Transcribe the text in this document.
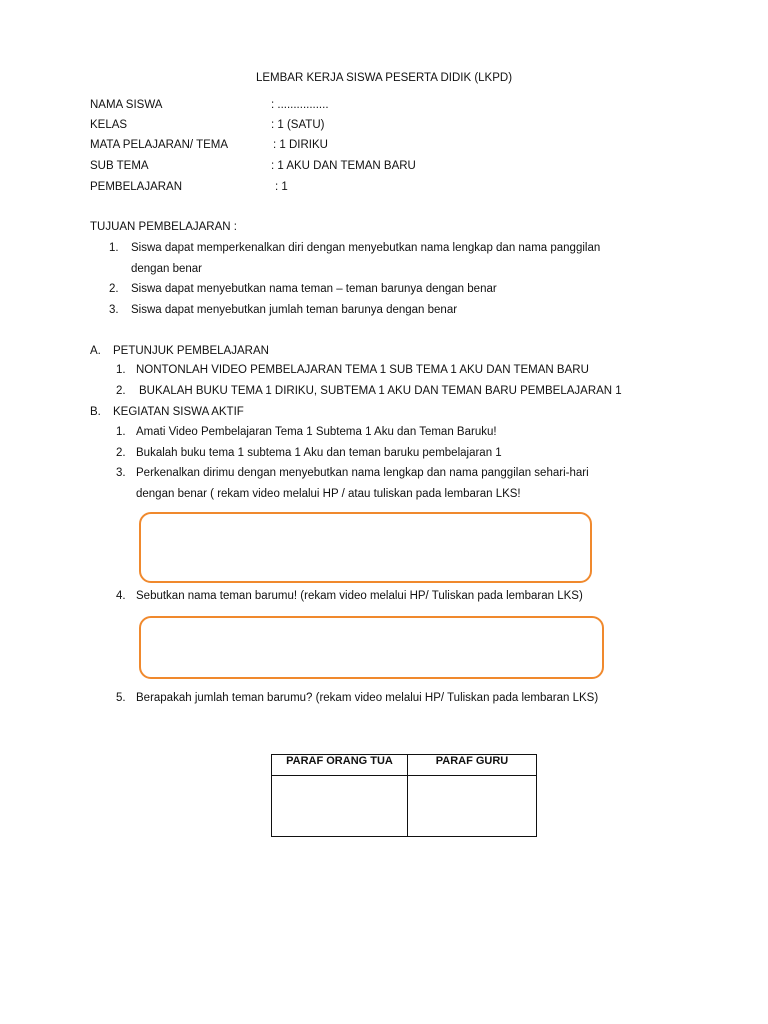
LEMBAR KERJA SISWA PESERTA DIDIK (LKPD)
NAMA SISWA	: ................
KELAS	: 1 (SATU)
MATA PELAJARAN/ TEMA	: 1 DIRIKU
SUB TEMA	: 1 AKU DAN TEMAN BARU
PEMBELAJARAN	: 1
TUJUAN PEMBELAJARAN :
1. Siswa dapat memperkenalkan diri dengan menyebutkan nama lengkap dan nama panggilan
dengan benar
2. Siswa dapat menyebutkan nama teman – teman barunya dengan benar
3. Siswa dapat menyebutkan jumlah teman barunya dengan benar
A. PETUNJUK PEMBELAJARAN
1. NONTONLAH VIDEO PEMBELAJARAN TEMA 1 SUB TEMA 1 AKU DAN TEMAN BARU
2. BUKALAH BUKU TEMA 1 DIRIKU, SUBTEMA 1 AKU DAN TEMAN BARU PEMBELAJARAN 1
B. KEGIATAN SISWA AKTIF
1. Amati Video Pembelajaran Tema 1 Subtema 1 Aku dan Teman Baruku!
2. Bukalah buku tema 1 subtema 1 Aku dan teman baruku pembelajaran 1
3. Perkenalkan dirimu dengan menyebutkan nama lengkap dan nama panggilan sehari-hari
dengan benar ( rekam video melalui HP / atau tuliskan pada lembaran LKS!
4. Sebutkan nama teman barumu! (rekam video melalui HP/ Tuliskan pada lembaran LKS)
5. Berapakah jumlah teman barumu? (rekam video melalui HP/ Tuliskan pada lembaran LKS)
PARAF ORANG TUA	PARAF GURU
